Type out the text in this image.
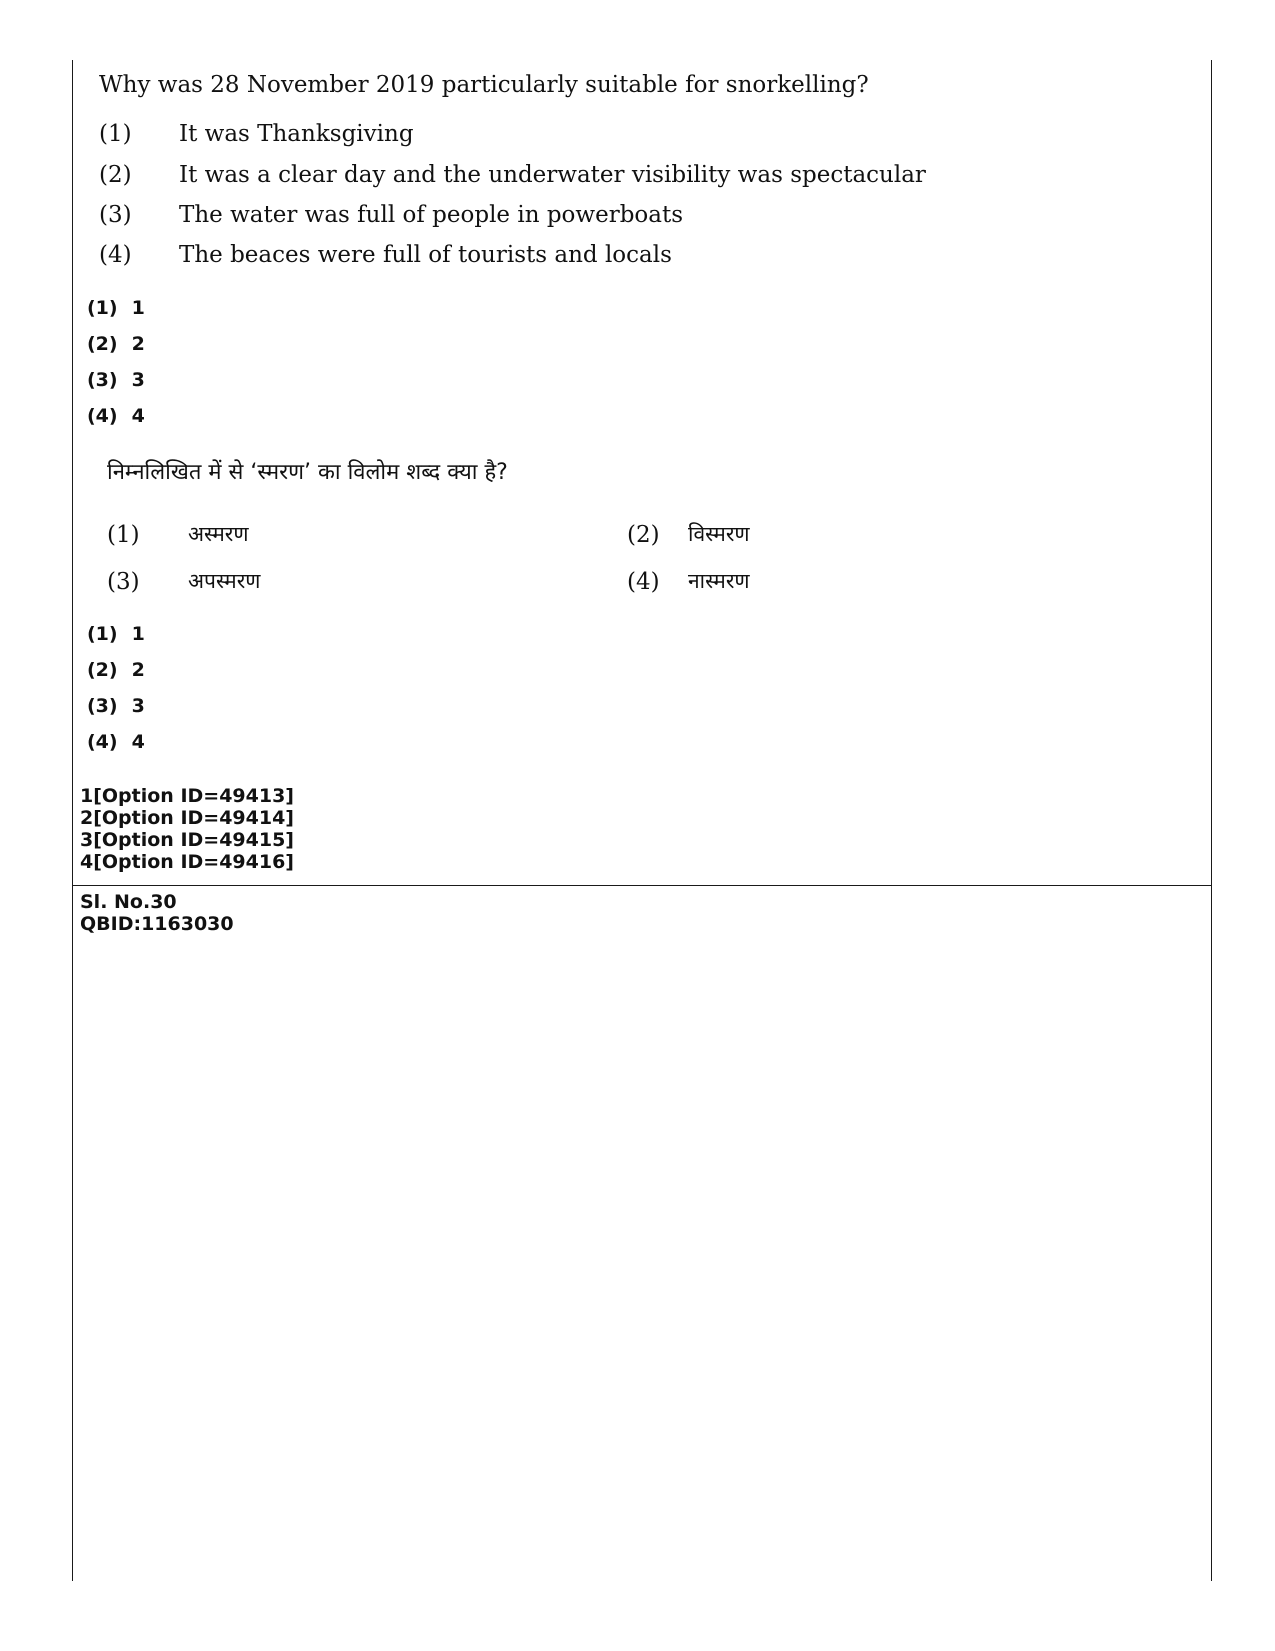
Why was 28 November 2019 particularly suitable for snorkelling?
(1) It was Thanksgiving
(2) It was a clear day and the underwater visibility was spectacular
(3) The water was full of people in powerboats
(4) The beaces were full of tourists and locals
(1) 1
(2) 2
(3) 3
(4) 4
निम्नलिखित में से ‘स्मरण’ का विलोम शब्द क्या है?
(1) अस्मरण	(2) विस्मरण
(3) अपस्मरण	(4) नास्मरण
(1) 1
(2) 2
(3) 3
(4) 4
1[Option ID=49413]
2[Option ID=49414]
3[Option ID=49415]
4[Option ID=49416]
Sl. No.30
QBID:1163030
